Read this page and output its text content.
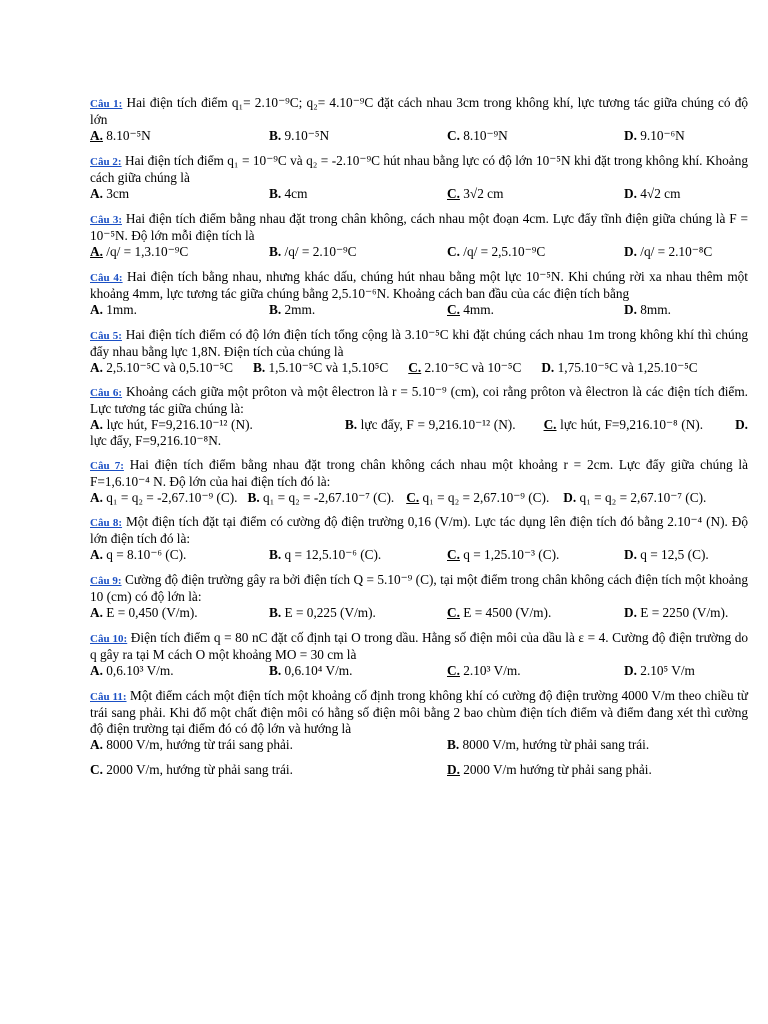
Câu 1: Hai điện tích điểm q₁= 2.10⁻⁹C; q₂= 4.10⁻⁹C đặt cách nhau 3cm trong không khí, lực tương tác giữa chúng có độ lớn
A. 8.10⁻⁵N	B. 9.10⁻⁵N	C. 8.10⁻⁹N	D. 9.10⁻⁶N
Câu 2: Hai điện tích điểm q₁ = 10⁻⁹C và q₂ = -2.10⁻⁹C hút nhau bằng lực có độ lớn 10⁻⁵N khi đặt trong không khí. Khoảng cách giữa chúng là
A. 3cm	B. 4cm	C. 3√2 cm	D. 4√2 cm
Câu 3: Hai điện tích điểm bằng nhau đặt trong chân không, cách nhau một đoạn 4cm. Lực đẩy tĩnh điện giữa chúng là F = 10⁻⁵N. Độ lớn mỗi điện tích là
A. /q/ = 1,3.10⁻⁹C	B. /q/ = 2.10⁻⁹C	C. /q/ = 2,5.10⁻⁹C	D. /q/ = 2.10⁻⁸C
Câu 4: Hai điện tích bằng nhau, nhưng khác dấu, chúng hút nhau bằng một lực 10⁻⁵N. Khi chúng rời xa nhau thêm một khoảng 4mm, lực tương tác giữa chúng bằng 2,5.10⁻⁶N. Khoảng cách ban đầu của các điện tích bằng
A. 1mm.	B. 2mm.	C. 4mm.	D. 8mm.
Câu 5: Hai điện tích điểm có độ lớn điện tích tổng cộng là 3.10⁻⁵C khi đặt chúng cách nhau 1m trong không khí thì chúng đẩy nhau bằng lực 1,8N. Điện tích của chúng là
A. 2,5.10⁻⁵C và 0,5.10⁻⁵C B. 1,5.10⁻⁵C và 1,5.10⁵C C. 2.10⁻⁵C và 10⁻⁵C D. 1,75.10⁻⁵C và 1,25.10⁻⁵C
Câu 6: Khoảng cách giữa một prôton và một êlectron là r = 5.10⁻⁹ (cm), coi rằng prôton và êlectron là các điện tích điểm. Lực tương tác giữa chúng là:
A. lực hút, F=9,216.10⁻¹² (N).	B. lực đẩy, F = 9,216.10⁻¹² (N). C. lực hút, F=9,216.10⁻⁸ (N). D. lực đẩy, F=9,216.10⁻⁸N.
Câu 7: Hai điện tích điểm bằng nhau đặt trong chân không cách nhau một khoảng r = 2cm. Lực đẩy giữa chúng là F=1,6.10⁻⁴ N. Độ lớn của hai điện tích đó là:
A. q₁ = q₂ = -2,67.10⁻⁹ (C). B. q₁ = q₂ = -2,67.10⁻⁷ (C). C. q₁ = q₂ = 2,67.10⁻⁹ (C). D. q₁ = q₂ = 2,67.10⁻⁷ (C).
Câu 8: Một điện tích đặt tại điểm có cường độ điện trường 0,16 (V/m). Lực tác dụng lên điện tích đó bằng 2.10⁻⁴ (N). Độ lớn điện tích đó là:
A. q = 8.10⁻⁶ (C).	B. q = 12,5.10⁻⁶ (C).	C. q = 1,25.10⁻³ (C).	D. q = 12,5 (C).
Câu 9: Cường độ điện trường gây ra bởi điện tích Q = 5.10⁻⁹ (C), tại một điểm trong chân không cách điện tích một khoảng 10 (cm) có độ lớn là:
A. E = 0,450 (V/m).	B. E = 0,225 (V/m).	C. E = 4500 (V/m).	D. E = 2250 (V/m).
Câu 10: Điện tích điểm q = 80 nC đặt cố định tại O trong dầu. Hằng số điện môi của dầu là ε = 4. Cường độ điện trường do q gây ra tại M cách O một khoảng MO = 30 cm là
A. 0,6.10³ V/m.	B. 0,6.10⁴ V/m.	C. 2.10³ V/m.	D. 2.10⁵ V/m
Câu 11: Một điểm cách một điện tích một khoảng cố định trong không khí có cường độ điện trường 4000 V/m theo chiều từ trái sang phải. Khi đổ một chất điện môi có hằng số điện môi bằng 2 bao chùm điện tích điểm và điểm đang xét thì cường độ điện trường tại điểm đó có độ lớn và hướng là
A. 8000 V/m, hướng từ trái sang phải.	B. 8000 V/m, hướng từ phải sang trái.
C. 2000 V/m, hướng từ phải sang trái.	D. 2000 V/m hướng từ phải sang phải.
